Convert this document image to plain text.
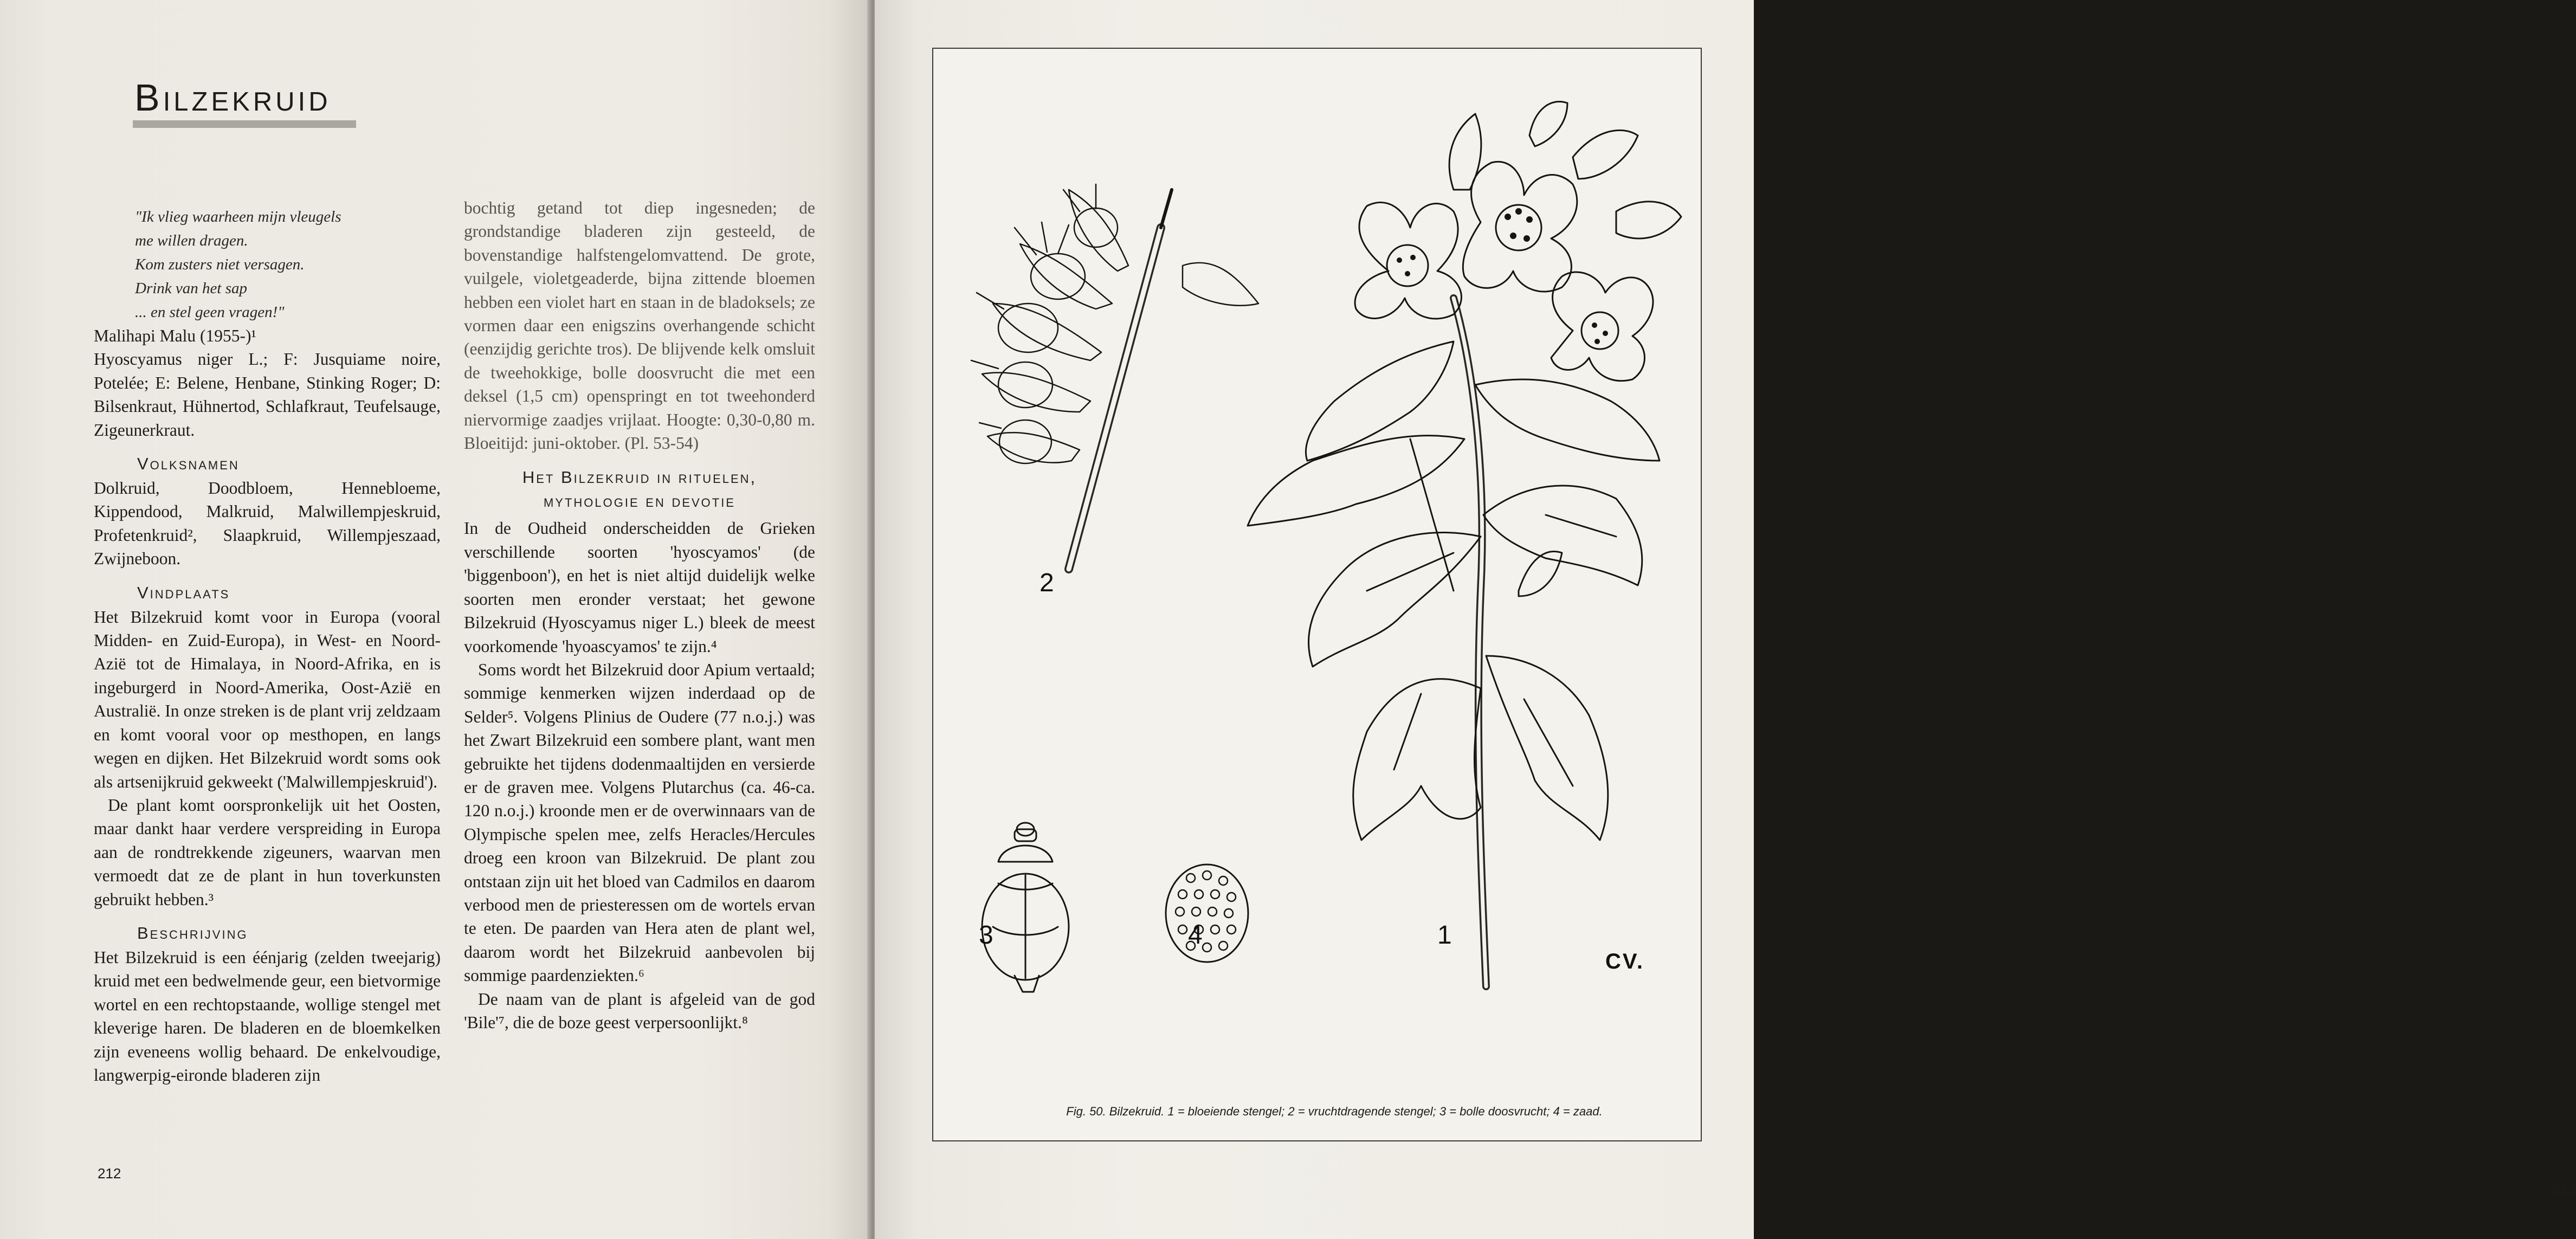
Bilzekruid
"Ik vlieg waarheen mijn vleugels
me willen dragen.
Kom zusters niet versagen.
Drink van het sap
... en stel geen vragen!"

Malihapi Malu (1955-)¹

Hyoscyamus niger L.; F: Jusquiame noire, Potelée; E: Belene, Henbane, Stinking Roger; D: Bilsenkraut, Hühnertod, Schlafkraut, Teufelsauge, Zigeunerkraut.

Volksnamen

Dolkruid, Doodbloem, Hennebloeme, Kippendood, Malkruid, Malwillempjeskruid, Profetenkruid², Slaapkruid, Willempjeszaad, Zwijneboon.

Vindplaats

Het Bilzekruid komt voor in Europa (vooral Midden- en Zuid-Europa), in West- en Noord-Azië tot de Himalaya, in Noord-Afrika, en is ingeburgerd in Noord-Amerika, Oost-Azië en Australië. In onze streken is de plant vrij zeldzaam en komt vooral voor op mesthopen, en langs wegen en dijken. Het Bilzekruid wordt soms ook als artsenijkruid gekweekt ('Malwillempjeskruid').

De plant komt oorspronkelijk uit het Oosten, maar dankt haar verdere verspreiding in Europa aan de rondtrekkende zigeuners, waarvan men vermoedt dat ze de plant in hun toverkunsten gebruikt hebben.³

Beschrijving

Het Bilzekruid is een éénjarig (zelden tweejarig) kruid met een bedwelmende geur, een bietvormige wortel en een rechtopstaande, wollige stengel met kleverige haren. De bladeren en de bloemkelken zijn eveneens wollig behaard. De enkelvoudige, langwerpig-eironde bladeren zijn

bochtig getand tot diep ingesneden; de grondstandige bladeren zijn gesteeld, de bovenstandige halfstengelomvattend. De grote, vuilgele, violetgeaderde, bijna zittende bloemen hebben een violet hart en staan in de bladoksels; ze vormen daar een enigszins overhangende schicht (eenzijdig gerichte tros). De blijvende kelk omsluit de tweehokkige, bolle doosvrucht die met een deksel (1,5 cm) openspringt en tot tweehonderd niervormige zaadjes vrijlaat. Hoogte: 0,30-0,80 m. Bloeitijd: juni-oktober. (Pl. 53-54)

Het Bilzekruid in rituelen,
mythologie en devotie

In de Oudheid onderscheidden de Grieken verschillende soorten 'hyoscyamos' (de 'biggenboon'), en het is niet altijd duidelijk welke soorten men eronder verstaat; het gewone Bilzekruid (Hyoscyamus niger L.) bleek de meest voorkomende 'hyoascyamos' te zijn.⁴

Soms wordt het Bilzekruid door Apium vertaald; sommige kenmerken wijzen inderdaad op de Selder⁵. Volgens Plinius de Oudere (77 n.o.j.) was het Zwart Bilzekruid een sombere plant, want men gebruikte het tijdens dodenmaaltijden en versierde er de graven mee. Volgens Plutarchus (ca. 46-ca. 120 n.o.j.) kroonde men er de overwinnaars van de Olympische spelen mee, zelfs Heracles/Hercules droeg een kroon van Bilzekruid. De plant zou ontstaan zijn uit het bloed van Cadmilos en daarom verbood men de priesteressen om de wortels ervan te eten. De paarden van Hera aten de plant wel, daarom wordt het Bilzekruid aanbevolen bij sommige paardenziekten.⁶

De naam van de plant is afgeleid van de god 'Bile'⁷, die de boze geest verpersoonlijkt.⁸

212
213
2
3	4	1
CV.
Fig. 50. Bilzekruid. 1 = bloeiende stengel; 2 = vruchtdragende stengel; 3 = bolle doosvrucht; 4 = zaad.
